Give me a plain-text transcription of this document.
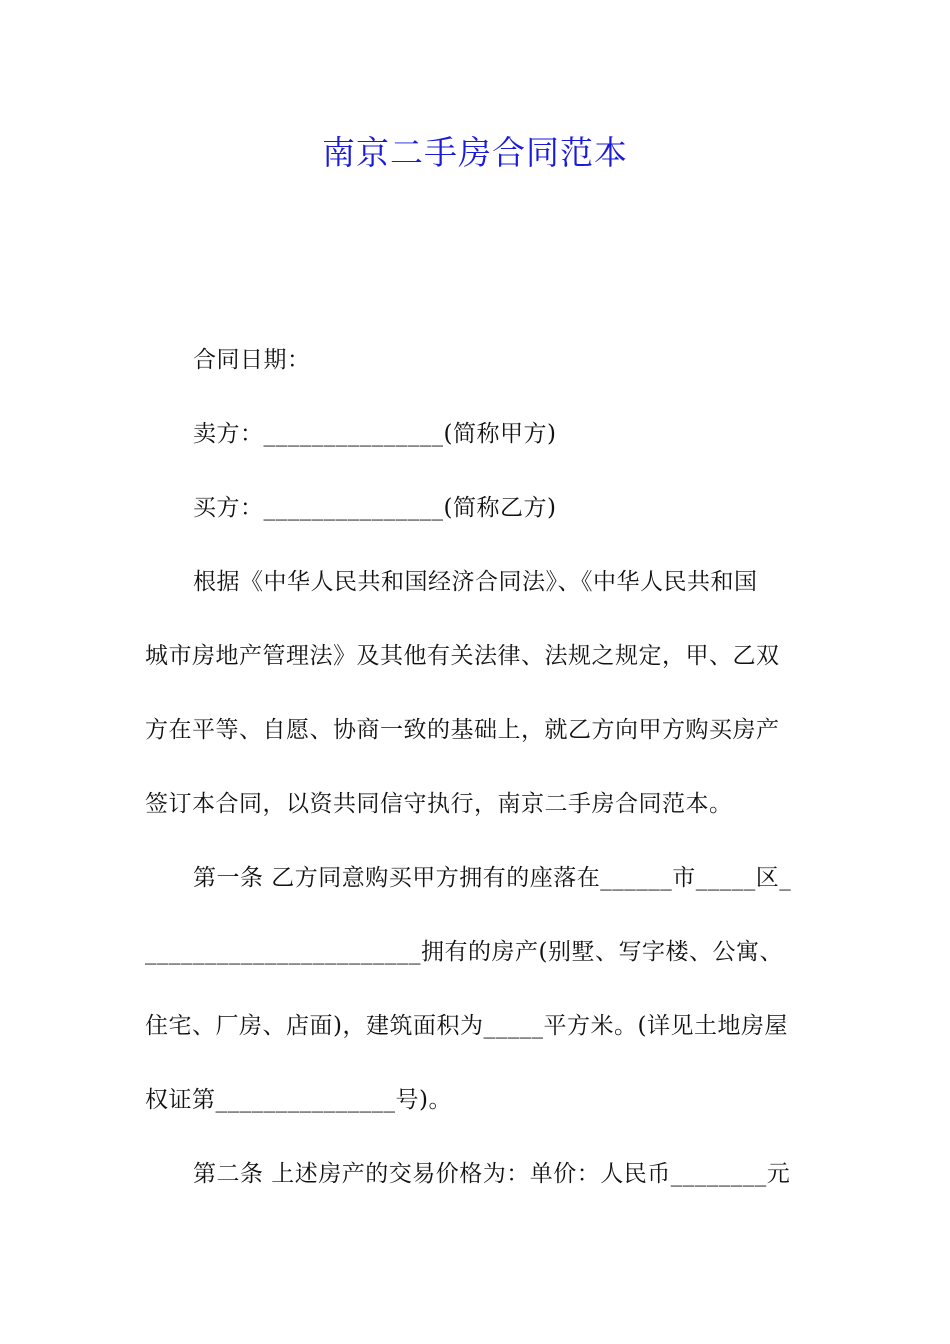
南京二手房合同范本
合同日期：
卖方：_______________(简称甲方)
买方：_______________(简称乙方)
根据《中华人民共和国经济合同法》、《中华人民共和国
城市房地产管理法》及其他有关法律、法规之规定，甲、乙双
方在平等、自愿、协商一致的基础上，就乙方向甲方购买房产
签订本合同，以资共同信守执行，南京二手房合同范本。
第一条 乙方同意购买甲方拥有的座落在______市_____区_
_______________________拥有的房产(别墅、写字楼、公寓、
住宅、厂房、店面)，建筑面积为_____平方米。(详见土地房屋
权证第_______________号)。
第二条 上述房产的交易价格为：单价：人民币________元
